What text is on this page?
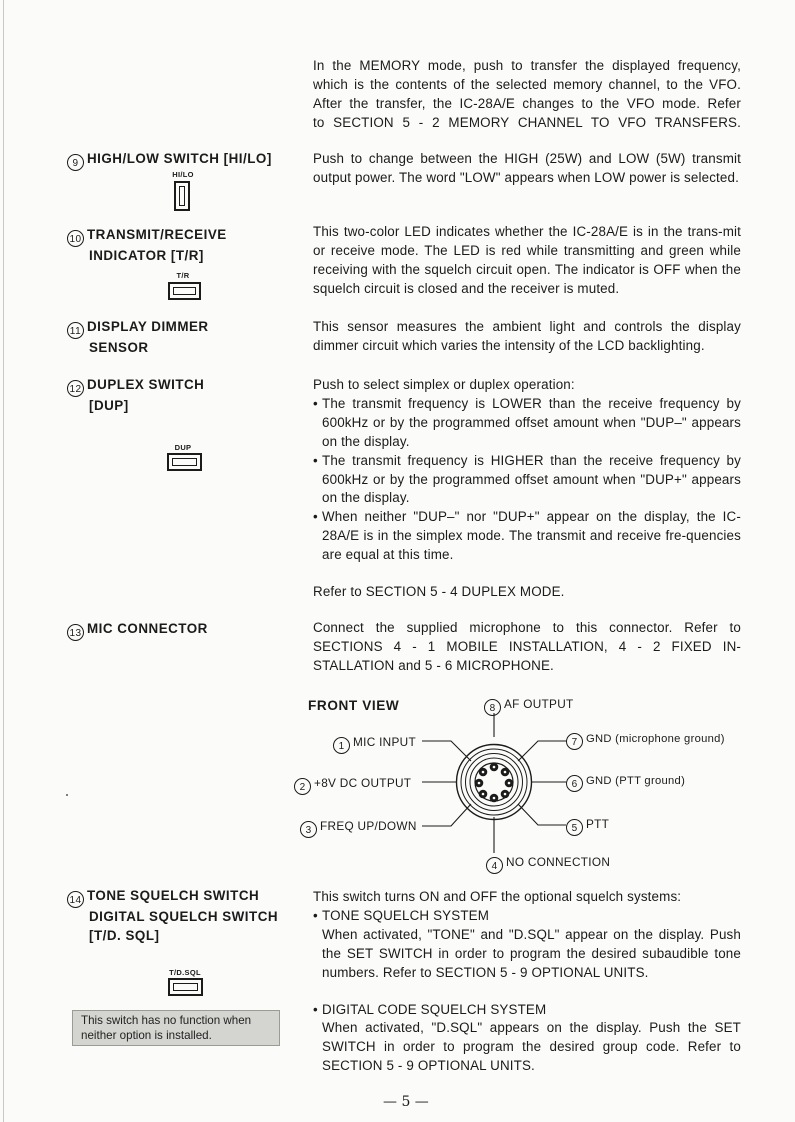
In the MEMORY mode, push to transfer the displayed frequency,

which is the contents of the selected memory channel, to the VFO.

After the transfer, the IC-28A/E changes to the VFO mode. Refer

to SECTION 5 - 2 MEMORY CHANNEL TO VFO TRANSFERS.

9 HIGH/LOW SWITCH [HI/LO]
HI/LO

Push to change between the HIGH (25W) and LOW (5W) transmit output power. The word "LOW" appears when LOW power is selected.

10 TRANSMIT/RECEIVE
INDICATOR [T/R]
T/R

This two-color LED indicates whether the IC-28A/E is in the trans-mit or receive mode. The LED is red while transmitting and green while receiving with the squelch circuit open. The indicator is OFF when the squelch circuit is closed and the receiver is muted.

11 DISPLAY DIMMER
SENSOR

This sensor measures the ambient light and controls the display dimmer circuit which varies the intensity of the LCD backlighting.

12 DUPLEX SWITCH
[DUP]
DUP

Push to select simplex or duplex operation:

• The transmit frequency is LOWER than the receive frequency by 600kHz or by the programmed offset amount when "DUP–" appears on the display.
• The transmit frequency is HIGHER than the receive frequency by 600kHz or by the programmed offset amount when "DUP+" appears on the display.
• When neither "DUP–" nor "DUP+" appear on the display, the IC-28A/E is in the simplex mode. The transmit and receive fre-quencies are equal at this time.

Refer to SECTION 5 - 4 DUPLEX MODE.

13 MIC CONNECTOR	Connect the supplied microphone to this connector. Refer to SECTIONS 4 - 1 MOBILE INSTALLATION, 4 - 2 FIXED IN-STALLATION and 5 - 6 MICROPHONE.

FRONT VIEW	8 AF OUTPUT
1 MIC INPUT
2 +8V DC OUTPUT
3 FREQ UP/DOWN
7 GND (microphone ground)
6 GND (PTT ground)
5 PTT
4 NO CONNECTION
14 TONE SQUELCH SWITCH
DIGITAL SQUELCH SWITCH
[T/D. SQL]
T/D.SQL
This switch has no function when neither option is installed.

This switch turns ON and OFF the optional squelch systems:

• TONE SQUELCH SYSTEM

When activated, "TONE" and "D.SQL" appear on the display. Push the SET SWITCH in order to program the desired subaudible tone numbers. Refer to SECTION 5 - 9 OPTIONAL UNITS.

• DIGITAL CODE SQUELCH SYSTEM

When activated, "D.SQL" appears on the display. Push the SET SWITCH in order to program the desired group code. Refer to SECTION 5 - 9 OPTIONAL UNITS.

— 5 —
